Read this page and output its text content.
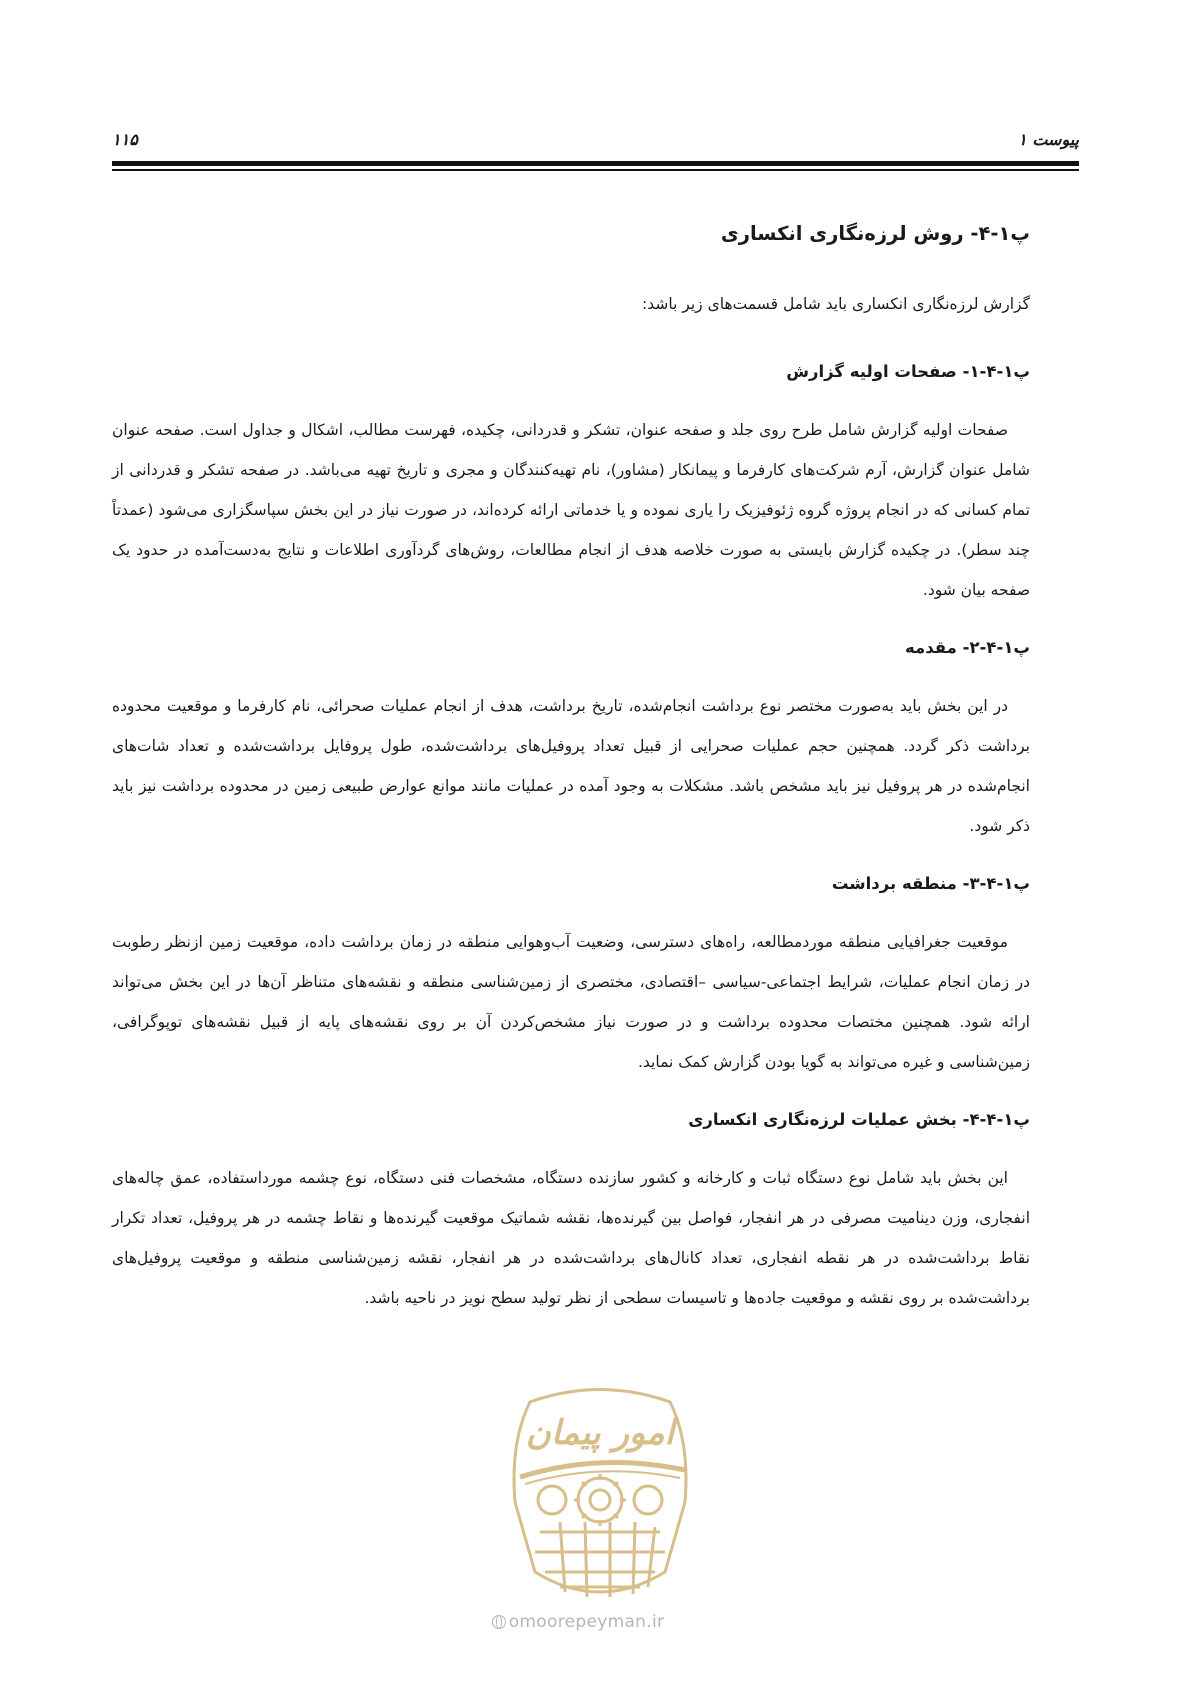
پیوست ۱
۱۱۵
پ۱-۴- روش لرزه‌نگاری انکساری

گزارش لرزه‌نگاری انکساری باید شامل قسمت‌های زیر باشد:

پ۱-۴-۱- صفحات اولیه گزارش

صفحات اولیه گزارش شامل طرح روی جلد و صفحه عنوان، تشکر و قدردانی، چکیده، فهرست مطالب، اشکال و جداول است. صفحه عنوان شامل عنوان گزارش، آرم شرکت‌های کارفرما و پیمانکار (مشاور)، نام تهیه‌کنندگان و مجری و تاریخ تهیه می‌باشد. در صفحه تشکر و قدردانی از تمام کسانی که در انجام پروژه گروه ژئوفیزیک را یاری نموده و یا خدماتی ارائه کرده‌اند، در صورت نیاز در این بخش سپاسگزاری می‌شود (عمدتاً چند سطر). در چکیده گزارش بایستی به صورت خلاصه هدف از انجام مطالعات، روش‌های گردآوری اطلاعات و نتایج به‌دست‌آمده در حدود یک صفحه بیان شود.

پ۱-۴-۲- مقدمه

در این بخش باید به‌صورت مختصر نوع برداشت انجام‌شده، تاریخ برداشت، هدف از انجام عملیات صحرائی، نام کارفرما و موقعیت محدوده برداشت ذکر گردد. همچنین حجم عملیات صحرایی از قبیل تعداد پروفیل‌های برداشت‌شده، طول پروفایل برداشت‌شده و تعداد شات‌های انجام‌شده در هر پروفیل نیز باید مشخص باشد. مشکلات به وجود آمده در عملیات مانند موانع عوارض طبیعی زمین در محدوده برداشت نیز باید ذکر شود.

پ۱-۴-۳- منطقه برداشت

موقعیت جغرافیایی منطقه موردمطالعه، راه‌های دسترسی، وضعیت آب‌وهوایی منطقه در زمان برداشت داده، موقعیت زمین ازنظر رطوبت در زمان انجام عملیات، شرایط اجتماعی-سیاسی –اقتصادی، مختصری از زمین‌شناسی منطقه و نقشه‌های متناظر آن‌ها در این بخش می‌تواند ارائه شود. همچنین مختصات محدوده برداشت و در صورت نیاز مشخص‌کردن آن بر روی نقشه‌های پایه از قبیل نقشه‌های توپوگرافی، زمین‌شناسی و غیره می‌تواند به گویا بودن گزارش کمک نماید.

پ۱-۴-۴- بخش عملیات لرزه‌نگاری انکساری

این بخش باید شامل نوع دستگاه ثبات و کارخانه و کشور سازنده دستگاه، مشخصات فنی دستگاه، نوع چشمه مورداستفاده، عمق چاله‌های انفجاری، وزن دینامیت مصرفی در هر انفجار، فواصل بین گیرنده‌ها، نقشه شماتیک موقعیت گیرنده‌ها و نقاط چشمه در هر پروفیل، تعداد تکرار نقاط برداشت‌شده در هر نقطه انفجاری، تعداد کانال‌های برداشت‌شده در هر انفجار، نقشه زمین‌شناسی منطقه و موقعیت پروفیل‌های برداشت‌شده بر روی نقشه و موقعیت جاده‌ها و تاسیسات سطحی از نظر تولید سطح نویز در ناحیه باشد.

امور پیمان
omoorepeyman.ir
